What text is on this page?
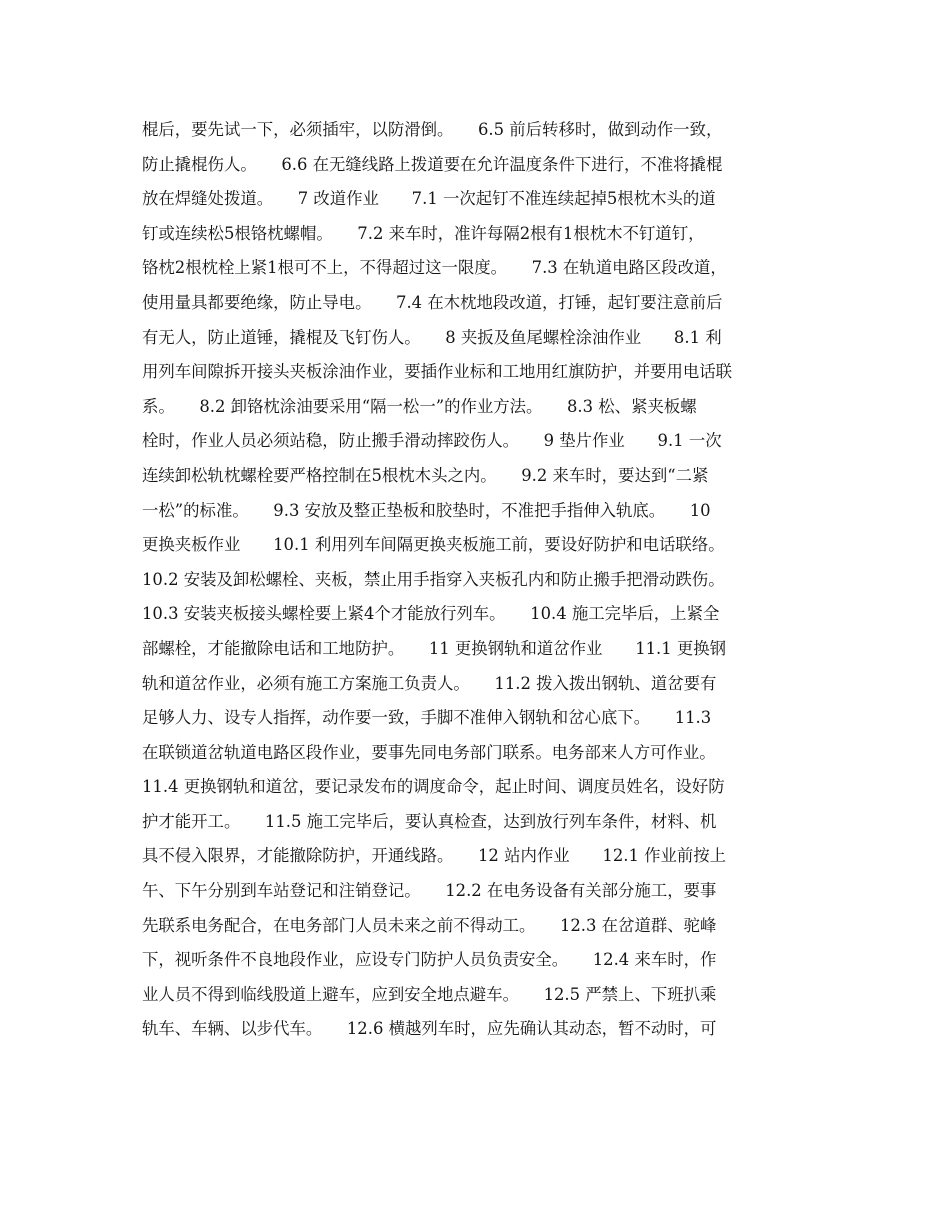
棍后，要先试一下，必须插牢，以防滑倒。　　6.5 前后转移时，做到动作一致，
防止撬棍伤人。　　6.6 在无缝线路上拨道要在允许温度条件下进行，不准将撬棍
放在焊缝处拨道。　　7 改道作业　　7.1 一次起钉不准连续起掉5根枕木头的道
钉或连续松5根铬枕螺帽。　　7.2 来车时，准许每隔2根有1根枕木不钉道钉，
铬枕2根枕栓上紧1根可不上，不得超过这一限度。　　7.3 在轨道电路区段改道，
使用量具都要绝缘，防止导电。　　7.4 在木枕地段改道，打锤，起钉要注意前后
有无人，防止道锤，撬棍及飞钉伤人。　　8 夹扳及鱼尾螺栓涂油作业　　8.1 利
用列车间隙拆开接头夹板涂油作业，要插作业标和工地用红旗防护，并要用电话联
系。　　8.2 卸铬枕涂油要采用“隔一松一”的作业方法。　　8.3 松、紧夹板螺
栓时，作业人员必须站稳，防止搬手滑动摔跤伤人。　　9 垫片作业　　9.1 一次
连续卸松轨枕螺栓要严格控制在5根枕木头之内。　　9.2 来车时，要达到“二紧
一松”的标准。　　9.3 安放及整正垫板和胶垫时，不准把手指伸入轨底。　　10
更换夹板作业　　10.1 利用列车间隔更换夹板施工前，要设好防护和电话联络。
10.2 安装及卸松螺栓、夹板，禁止用手指穿入夹板孔内和防止搬手把滑动跌伤。
10.3 安装夹板接头螺栓要上紧4个才能放行列车。　　10.4 施工完毕后，上紧全
部螺栓，才能撤除电话和工地防护。　　11 更换钢轨和道岔作业　　11.1 更换钢
轨和道岔作业，必须有施工方案施工负责人。　　11.2 拨入拨出钢轨、道岔要有
足够人力、设专人指挥，动作要一致，手脚不准伸入钢轨和岔心底下。　　11.3
在联锁道岔轨道电路区段作业，要事先同电务部门联系。电务部来人方可作业。
11.4 更换钢轨和道岔，要记录发布的调度命令，起止时间、调度员姓名，设好防
护才能开工。　　11.5 施工完毕后，要认真检查，达到放行列车条件，材料、机
具不侵入限界，才能撤除防护，开通线路。　　12 站内作业　　12.1 作业前按上
午、下午分别到车站登记和注销登记。　　12.2 在电务设备有关部分施工，要事
先联系电务配合，在电务部门人员未来之前不得动工。　　12.3 在岔道群、驼峰
下，视听条件不良地段作业，应设专门防护人员负责安全。　　12.4 来车时，作
业人员不得到临线股道上避车，应到安全地点避车。　　12.5 严禁上、下班扒乘
轨车、车辆、以步代车。　　12.6 横越列车时，应先确认其动态，暂不动时，可
